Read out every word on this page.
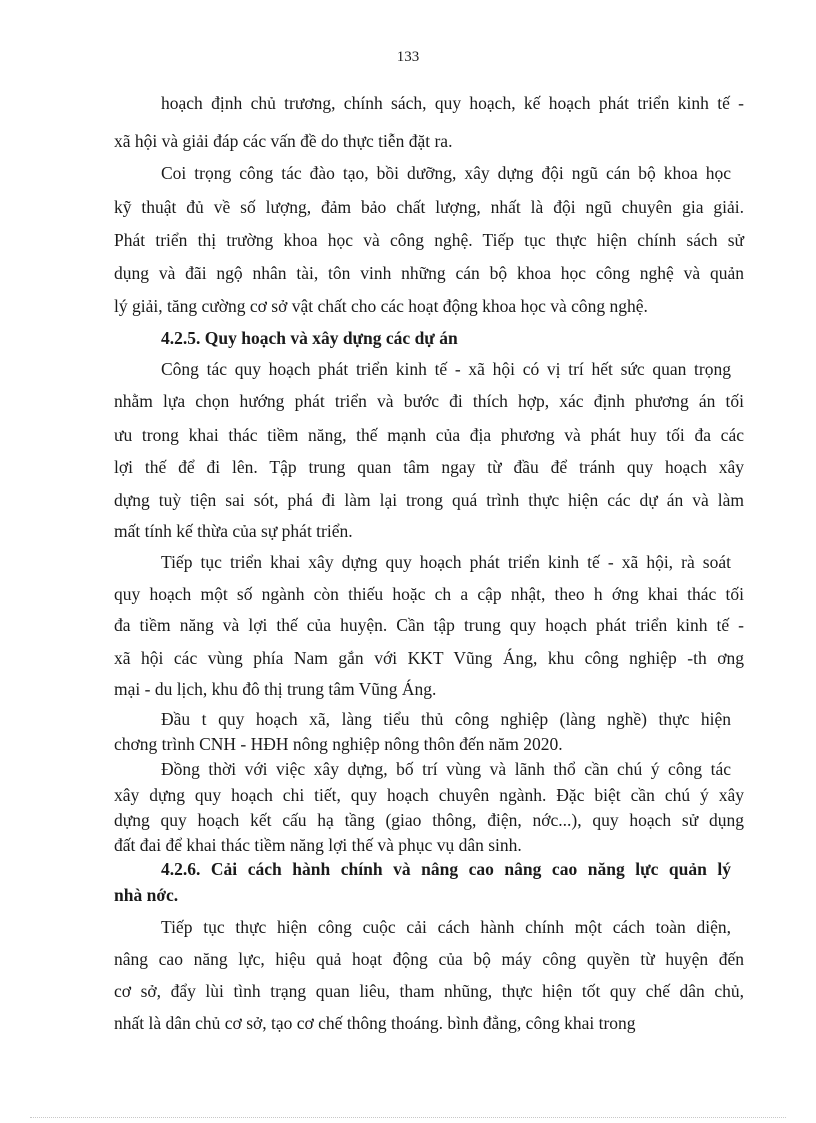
133
hoạch định chủ trương, chính sách, quy hoạch, kế hoạch phát triển kinh tế -
xã hội và giải đáp các vấn đề do thực tiễn đặt ra.
Coi trọng công tác đào tạo, bồi dưỡng, xây dựng đội ngũ cán bộ khoa học
kỹ thuật đủ về số lượng, đảm bảo chất lượng, nhất là đội ngũ chuyên gia giải.
Phát triển thị trường khoa học và công nghệ. Tiếp tục thực hiện chính sách sử
dụng và đãi ngộ nhân tài, tôn vinh những cán bộ khoa học công nghệ và quản
lý giải, tăng cường cơ sở vật chất cho các hoạt động khoa học và công nghệ.
4.2.5. Quy hoạch và xây dựng các dự án
Công tác quy hoạch phát triển kinh tế - xã hội có vị trí hết sức quan trọng
nhằm lựa chọn hướng phát triển và bước đi thích hợp, xác định phương án tối
ưu trong khai thác tiềm năng, thế mạnh của địa phương và phát huy tối đa các
lợi thế để đi lên. Tập trung quan tâm ngay từ đầu để tránh quy hoạch xây
dựng tuỳ tiện sai sót, phá đi làm lại trong quá trình thực hiện các dự án và làm
mất tính kế thừa của sự phát triển.
Tiếp tục triển khai xây dựng quy hoạch phát triển kinh tế - xã hội, rà soát
quy hoạch một số ngành còn thiếu hoặc ch a cập nhật, theo h ớng khai thác tối
đa tiềm năng và lợi thế của huyện. Cần tập trung quy hoạch phát triển kinh tế -
xã hội các vùng phía Nam gắn với KKT Vũng Áng, khu công nghiệp -th ơng
mại - du lịch, khu đô thị trung tâm Vũng Áng.
Đầu t quy hoạch xã, làng tiểu thủ công nghiệp (làng nghề) thực hiện
chơng trình CNH - HĐH nông nghiệp nông thôn đến năm 2020.
Đồng thời với việc xây dựng, bố trí vùng và lãnh thổ cần chú ý công tác
xây dựng quy hoạch chi tiết, quy hoạch chuyên ngành. Đặc biệt cần chú ý xây
dựng quy hoạch kết cấu hạ tầng (giao thông, điện, nớc...), quy hoạch sử dụng
đất đai để khai thác tiềm năng lợi thế và phục vụ dân sinh.
4.2.6. Cải cách hành chính và nâng cao nâng cao năng lực quản lý
nhà nớc.
Tiếp tục thực hiện công cuộc cải cách hành chính một cách toàn diện,
nâng cao năng lực, hiệu quả hoạt động của bộ máy công quyền từ huyện đến
cơ sở, đẩy lùi tình trạng quan liêu, tham nhũng, thực hiện tốt quy chế dân chủ,
nhất là dân chủ cơ sở, tạo cơ chế thông thoáng. bình đẳng, công khai trong
